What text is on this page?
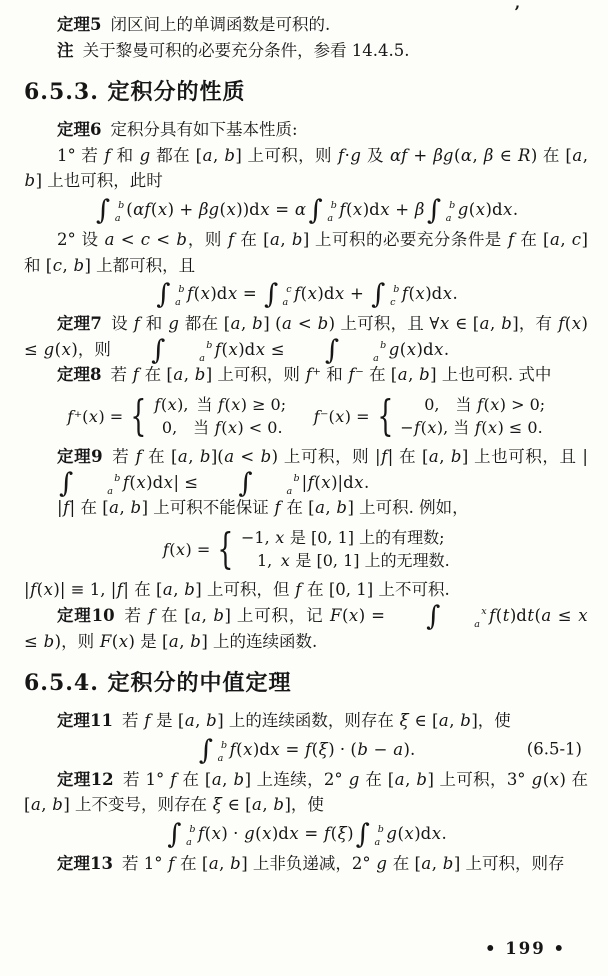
’

定理5 闭区间上的单调函数是可积的.

注 关于黎曼可积的必要充分条件，参看 14.4.5.

6.5.3. 定积分的性质

定理6 定积分具有如下基本性质:

1° 若 f 和 g 都在 [a, b] 上可积，则 f·g 及 αf + βg(α, β ∈ R) 在 [a, b] 上也可积，此时

∫ b
a (αf(x) + βg(x))dx = α ∫ b
a f(x)dx + β ∫ b
a g(x)dx.

2° 设 a < c < b，则 f 在 [a, b] 上可积的必要充分条件是 f 在 [a, c] 和 [c, b] 上都可积，且

∫ b
a f(x)dx = ∫ c
a f(x)dx + ∫ b
c f(x)dx.

定理7 设 f 和 g 都在 [a, b] (a < b) 上可积，且 ∀x ∈ [a, b]，有 f(x) ≤ g(x)，则	∫	b
a f(x)dx ≤	∫	b
a g(x)dx.

定理8 若 f 在 [a, b] 上可积，则 f⁺ 和 f⁻ 在 [a, b] 上也可积. 式中

f⁺(x) = { f(x), 当 f(x) ≥ 0;
 0, 当 f(x) < 0.
f⁻(x) = {   0, 当 f(x) > 0;
−f(x), 当 f(x) ≤ 0.

定理9 若 f 在 [a, b](a < b) 上可积，则 |f| 在 [a, b] 上也可积，且 |
∫	b
a f(x)dx| ≤	∫	b
a |f(x)|dx.

|f| 在 [a, b] 上可积不能保证 f 在 [a, b] 上可积. 例如，

f(x) = { −1, x 是 [0, 1] 上的有理数;
 1, x 是 [0, 1] 上的无理数.

|f(x)| ≡ 1, |f| 在 [a, b] 上可积，但 f 在 [0, 1] 上不可积.

定理10 若 f 在 [a, b] 上可积，记 F(x) =	∫	x
a f(t)dt(a ≤ x ≤ b)，则 F(x) 是 [a, b] 上的连续函数.

6.5.4. 定积分的中值定理

定理11 若 f 是 [a, b] 上的连续函数，则存在 ξ ∈ [a, b]，使

∫ b
a f(x)dx = f(ξ) · (b − a).	(6.5-1)

定理12 若 1° f 在 [a, b] 上连续，2° g 在 [a, b] 上可积，3° g(x) 在 [a, b] 上不变号，则存在 ξ ∈ [a, b]，使

∫ b
a f(x) · g(x)dx = f(ξ) ∫ b
a g(x)dx.

定理13 若 1° f 在 [a, b] 上非负递减，2° g 在 [a, b] 上可积，则存

• 199 •
